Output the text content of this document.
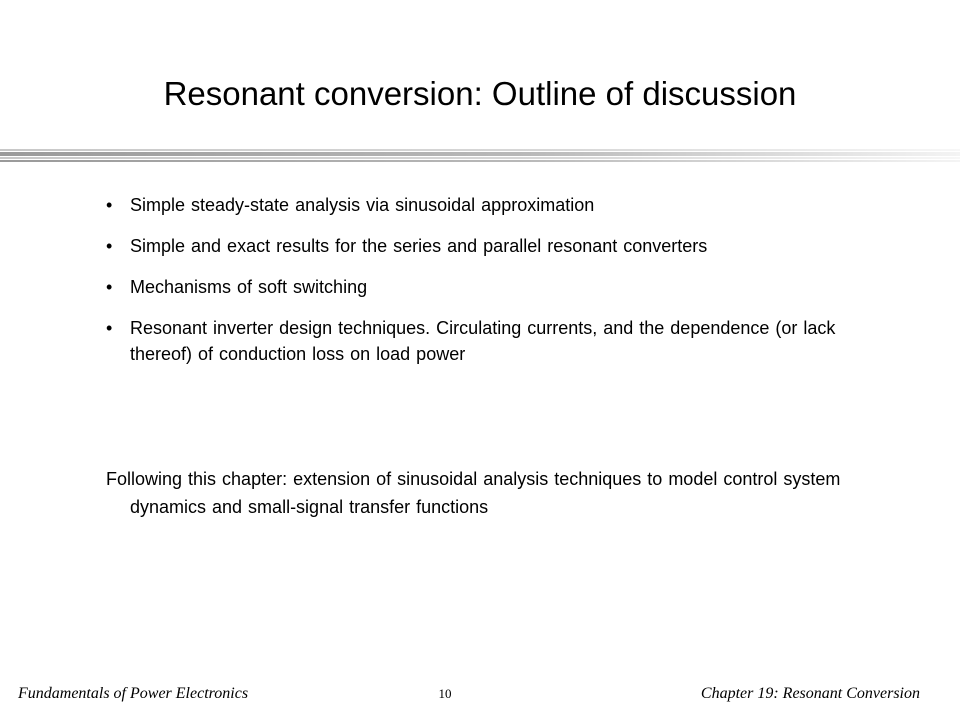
Resonant conversion: Outline of discussion
• Simple steady-state analysis via sinusoidal approximation
• Simple and exact results for the series and parallel resonant converters
• Mechanisms of soft switching
• Resonant inverter design techniques. Circulating currents, and the dependence (or lack thereof) of conduction loss on load power

Following this chapter: extension of sinusoidal analysis techniques to model control system dynamics and small-signal transfer functions

Fundamentals of Power Electronics	10	Chapter 19: Resonant Conversion
